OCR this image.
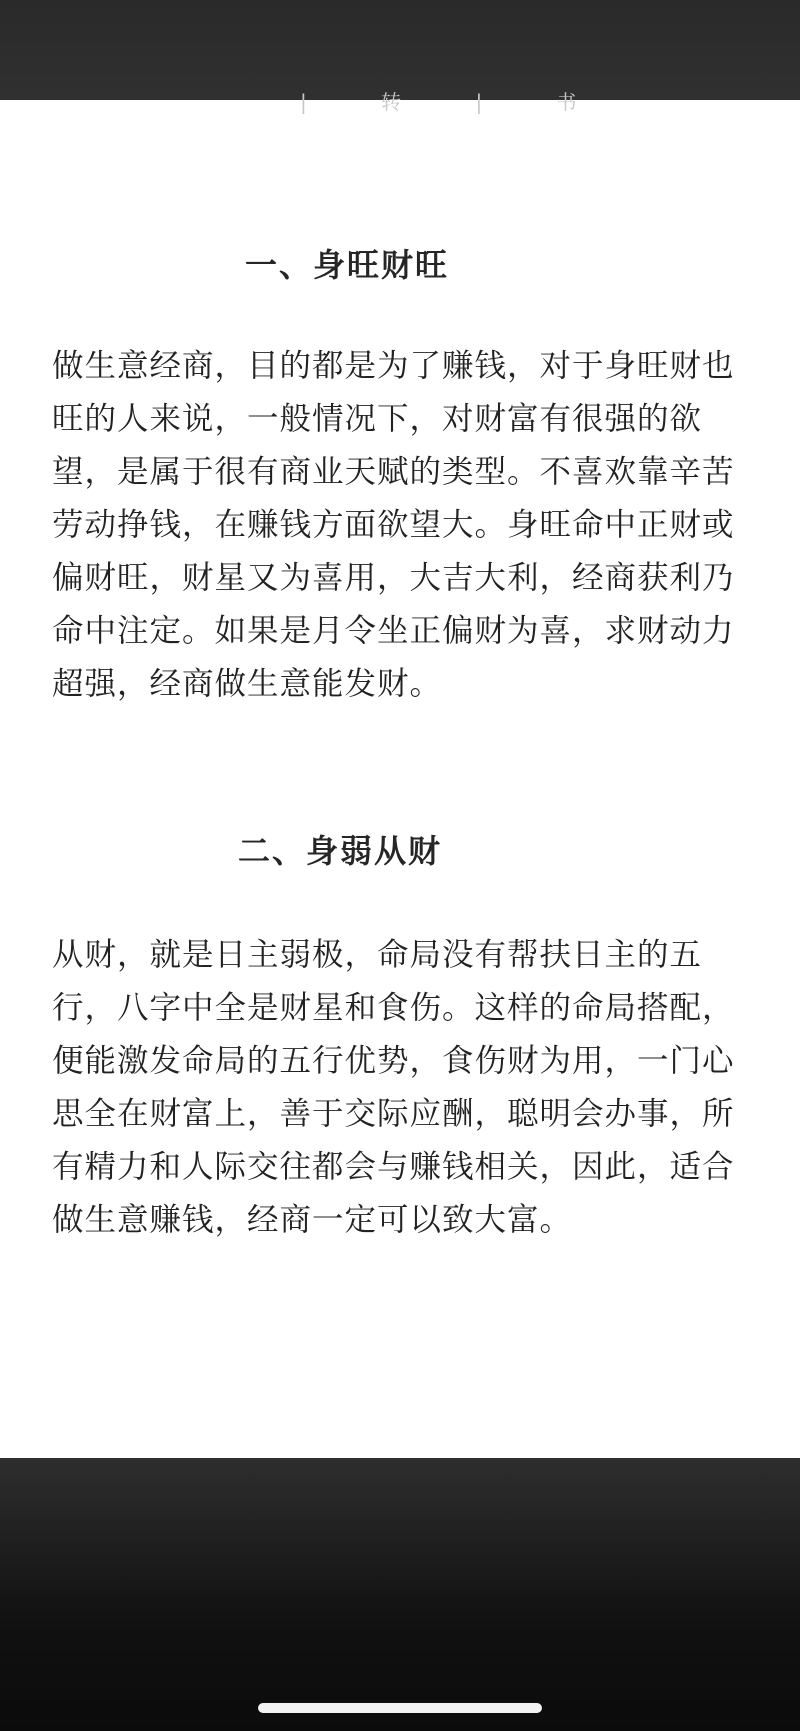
| 转 | 书
一、身旺财旺

做生意经商，目的都是为了赚钱，对于身旺财也旺的人来说，一般情况下，对财富有很强的欲望，是属于很有商业天赋的类型。不喜欢靠辛苦劳动挣钱，在赚钱方面欲望大。身旺命中正财或偏财旺，财星又为喜用，大吉大利，经商获利乃命中注定。如果是月令坐正偏财为喜，求财动力超强，经商做生意能发财。

二、身弱从财

从财，就是日主弱极，命局没有帮扶日主的五行，八字中全是财星和食伤。这样的命局搭配，便能激发命局的五行优势，食伤财为用，一门心思全在财富上，善于交际应酬，聪明会办事，所有精力和人际交往都会与赚钱相关，因此，适合做生意赚钱，经商一定可以致大富。
